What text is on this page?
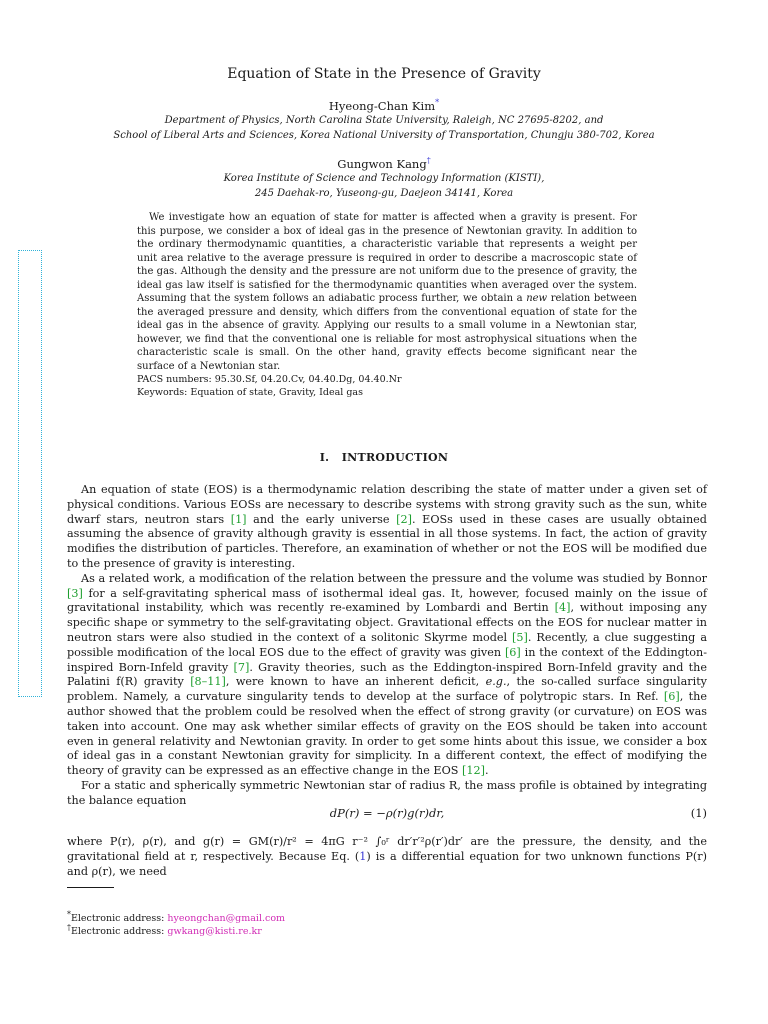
Equation of State in the Presence of Gravity
Hyeong-Chan Kim*
Department of Physics, North Carolina State University, Raleigh, NC 27695-8202, and
School of Liberal Arts and Sciences, Korea National University of Transportation, Chungju 380-702, Korea
Gungwon Kang†
Korea Institute of Science and Technology Information (KISTI),
245 Daehak-ro, Yuseong-gu, Daejeon 34141, Korea
We investigate how an equation of state for matter is affected when a gravity is present. For this purpose, we consider a box of ideal gas in the presence of Newtonian gravity. In addition to the ordinary thermodynamic quantities, a characteristic variable that represents a weight per unit area relative to the average pressure is required in order to describe a macroscopic state of the gas. Although the density and the pressure are not uniform due to the presence of gravity, the ideal gas law itself is satisfied for the thermodynamic quantities when averaged over the system. Assuming that the system follows an adiabatic process further, we obtain a new relation between the averaged pressure and density, which differs from the conventional equation of state for the ideal gas in the absence of gravity. Applying our results to a small volume in a Newtonian star, however, we find that the conventional one is reliable for most astrophysical situations when the characteristic scale is small. On the other hand, gravity effects become significant near the surface of a Newtonian star.
PACS numbers: 95.30.Sf, 04.20.Cv, 04.40.Dg, 04.40.Nr
Keywords: Equation of state, Gravity, Ideal gas
I. INTRODUCTION

An equation of state (EOS) is a thermodynamic relation describing the state of matter under a given set of physical conditions. Various EOSs are necessary to describe systems with strong gravity such as the sun, white dwarf stars, neutron stars [1] and the early universe [2]. EOSs used in these cases are usually obtained assuming the absence of gravity although gravity is essential in all those systems. In fact, the action of gravity modifies the distribution of particles. Therefore, an examination of whether or not the EOS will be modified due to the presence of gravity is interesting.

As a related work, a modification of the relation between the pressure and the volume was studied by Bonnor [3] for a self-gravitating spherical mass of isothermal ideal gas. It, however, focused mainly on the issue of gravitational instability, which was recently re-examined by Lombardi and Bertin [4], without imposing any specific shape or symmetry to the self-gravitating object. Gravitational effects on the EOS for nuclear matter in neutron stars were also studied in the context of a solitonic Skyrme model [5]. Recently, a clue suggesting a possible modification of the local EOS due to the effect of gravity was given [6] in the context of the Eddington-inspired Born-Infeld gravity [7]. Gravity theories, such as the Eddington-inspired Born-Infeld gravity and the Palatini f(R) gravity [8–11], were known to have an inherent deficit, e.g., the so-called surface singularity problem. Namely, a curvature singularity tends to develop at the surface of polytropic stars. In Ref. [6], the author showed that the problem could be resolved when the effect of strong gravity (or curvature) on EOS was taken into account. One may ask whether similar effects of gravity on the EOS should be taken into account even in general relativity and Newtonian gravity. In order to get some hints about this issue, we consider a box of ideal gas in a constant Newtonian gravity for simplicity. In a different context, the effect of modifying the theory of gravity can be expressed as an effective change in the EOS [12].

For a static and spherically symmetric Newtonian star of radius R, the mass profile is obtained by integrating the balance equation

dP(r) = −ρ(r)g(r)dr,	(1)

where P(r), ρ(r), and g(r) = GM(r)/r² = 4πG r⁻² ∫₀ʳ dr′r′²ρ(r′)dr′ are the pressure, the density, and the gravitational field at r, respectively. Because Eq. (1) is a differential equation for two unknown functions P(r) and ρ(r), we need

*Electronic address: hyeongchan@gmail.com
†Electronic address: gwkang@kisti.re.kr
